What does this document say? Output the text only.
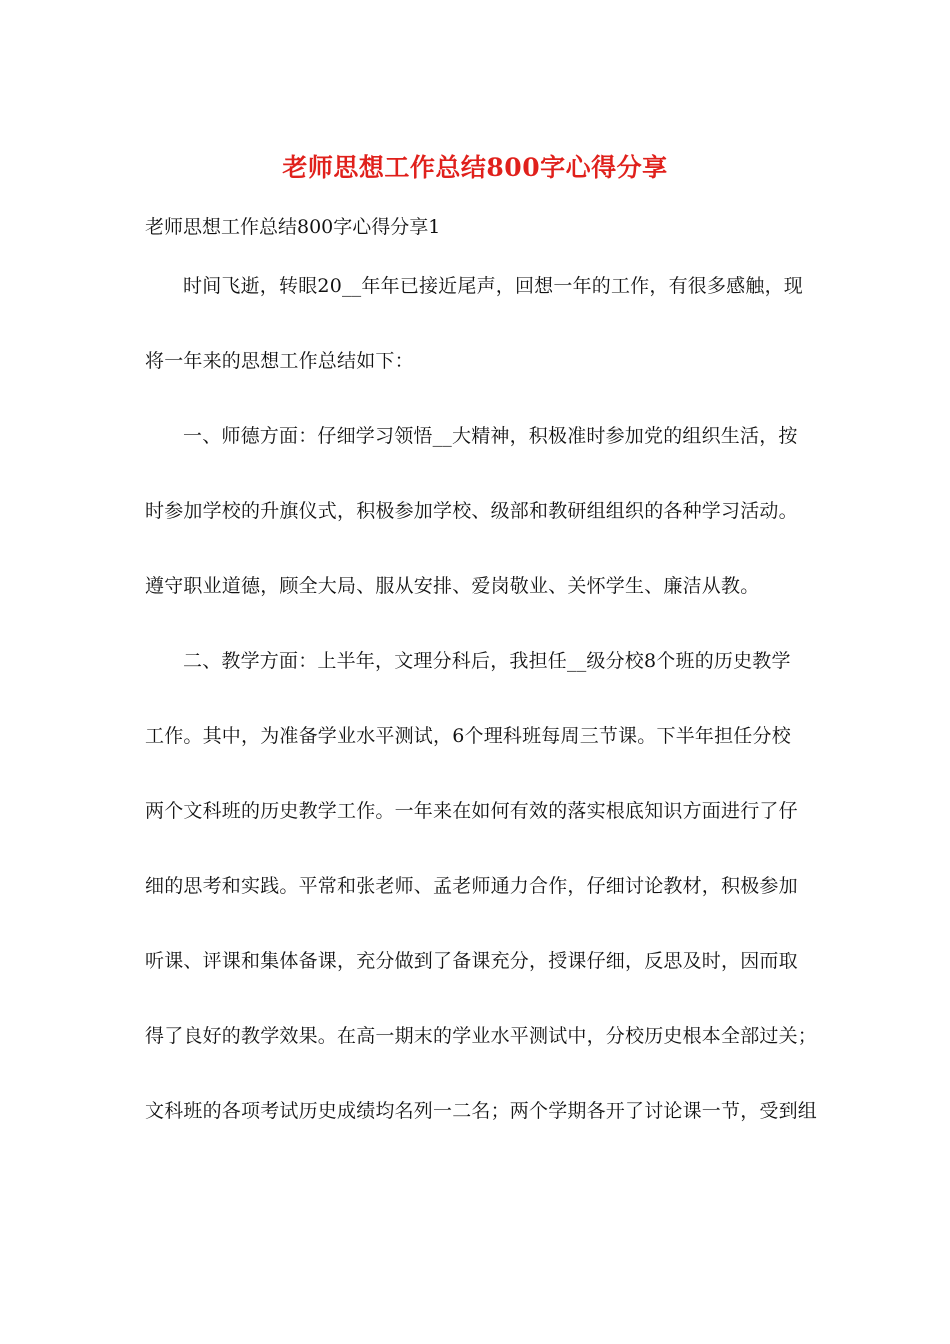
老师思想工作总结800字心得分享
老师思想工作总结800字心得分享1
时间飞逝，转眼20__年年已接近尾声，回想一年的工作，有很多感触，现
将一年来的思想工作总结如下：
一、师德方面：仔细学习领悟__大精神，积极准时参加党的组织生活，按
时参加学校的升旗仪式，积极参加学校、级部和教研组组织的各种学习活动。
遵守职业道德，顾全大局、服从安排、爱岗敬业、关怀学生、廉洁从教。
二、教学方面：上半年，文理分科后，我担任__级分校8个班的历史教学
工作。其中，为准备学业水平测试，6个理科班每周三节课。下半年担任分校
两个文科班的历史教学工作。一年来在如何有效的落实根底知识方面进行了仔
细的思考和实践。平常和张老师、孟老师通力合作，仔细讨论教材，积极参加
听课、评课和集体备课，充分做到了备课充分，授课仔细，反思及时，因而取
得了良好的教学效果。在高一期末的学业水平测试中，分校历史根本全部过关；
文科班的各项考试历史成绩均名列一二名；两个学期各开了讨论课一节，受到组
